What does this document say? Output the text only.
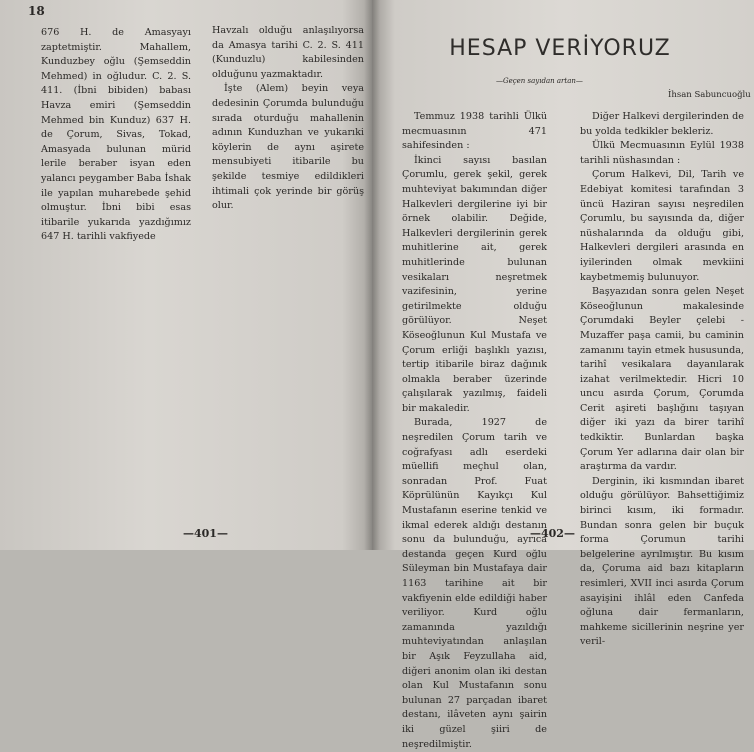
18

676 H. de Amasyayı zaptetmiştir. Mahallem, Kunduzbey oğlu (Şemseddin Mehmed) in oğludur. C. 2. S. 411. (İbni bibiden) babası Havza emiri (Şemseddin Mehmed bin Kunduz) 637 H. de Çorum, Sivas, Tokad, Amasyada bulunan mürid lerile beraber isyan eden yalancı peygamber Baba İshak ile yapılan muharebede şehid olmuştur. İbni bibi esas itibarile yukarıda yazdığımız 647 H. tarihli vakfiyede

Havzalı olduğu anlaşılıyorsa da Amasya tarihi C. 2. S. 411 (Kunduzlu) kabilesinden olduğunu yazmaktadır.

İşte (Alem) beyin veya dedesinin Çorumda bulunduğu sırada oturduğu mahallenin adının Kunduzhan ve yukarıki köylerin de aynı aşirete mensubiyeti itibarile bu şekilde tesmiye edildikleri ihtimali çok yerinde bir görüş olur.

—401—
HESAP VERİYORUZ
—Geçen sayıdan artan—
İhsan Sabuncuoğlu

Temmuz 1938 tarihli Ülkü mecmuasının 471 sahifesinden :

İkinci sayısı basılan Çorumlu, gerek şekil, gerek muhteviyat bakımından diğer Halkevleri dergilerine iyi bir örnek olabilir. Değide, Halkevleri dergilerinin gerek muhitlerine ait, gerek muhitlerinde bulunan vesikaları neşretmek vazifesinin, yerine getirilmekte olduğu görülüyor. Neşet Köseoğlunun Kul Mustafa ve Çorum erliği başlıklı yazısı, tertip itibarile biraz dağınık olmakla beraber üzerinde çalışılarak yazılmış, faideli bir makaledir.

Burada, 1927 de neşredilen Çorum tarih ve coğrafyası adlı eserdeki müellifi meçhul olan, sonradan Prof. Fuat Köprülünün Kayıkçı Kul Mustafanın eserine tenkid ve ikmal ederek aldığı destanın sonu da bulunduğu, ayrıca destanda geçen Kurd oğlu Süleyman bin Mustafaya dair 1163 tarihine ait bir vakfiyenin elde edildiği haber veriliyor. Kurd oğlu zamanında yazıldığı muhteviyatından anlaşılan bir Aşık Feyzullaha aid, diğeri anonim olan iki destan olan Kul Mustafanın sonu bulunan 27 parçadan ibaret destanı, ilâveten aynı şairin iki güzel şiiri de neşredilmiştir.

Diğer Halkevi dergilerinden de bu yolda tedkikler bekleriz.

Ülkü Mecmuasının Eylül 1938 tarihli nüshasından :

Çorum Halkevi, Dil, Tarih ve Edebiyat komitesi tarafından 3 üncü Haziran sayısı neşredilen Çorumlu, bu sayısında da, diğer nüshalarında da olduğu gibi, Halkevleri dergileri arasında en iyilerinden olmak mevkiini kaybetmemiş bulunuyor.

Başyazıdan sonra gelen Neşet Köseoğlunun makalesinde Çorumdaki Beyler çelebi - Muzaffer paşa camii, bu caminin zamanını tayin etmek hususunda, tarihî vesikalara dayanılarak izahat verilmektedir. Hicri 10 uncu asırda Çorum, Çorumda Cerit aşireti başlığını taşıyan diğer iki yazı da birer tarihî tedkiktir. Bunlardan başka Çorum Yer adlarına dair olan bir araştırma da vardır.

Derginin, iki kısmından ibaret olduğu görülüyor. Bahsettiğimiz birinci kısım, iki formadır. Bundan sonra gelen bir buçuk forma Çorumun tarihi belgelerine ayrılmıştır. Bu kısım da, Çoruma aid bazı kitapların resimleri, XVII inci asırda Çorum asayişini ihlâl eden Canfeda oğluna dair fermanların, mahkeme sicillerinin neşrine yer veril-

—402—
